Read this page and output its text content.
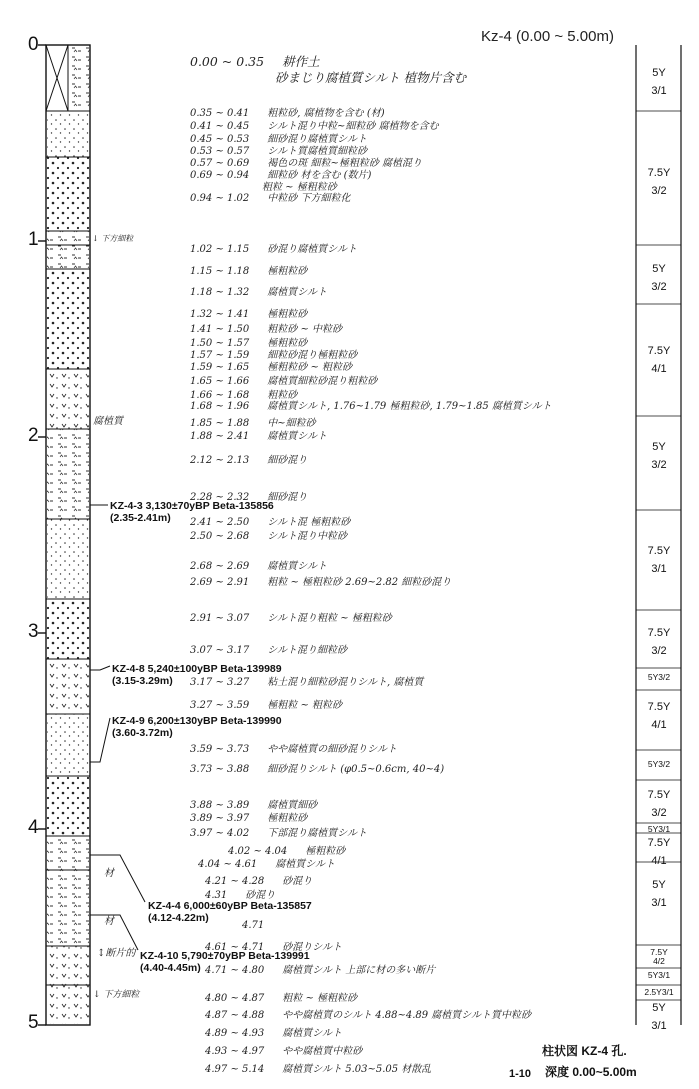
Kz-4 (0.00 ~ 5.00m)
0
1
2
3
4
5
↓ 下方細粒
腐植質
材
材
↕断片的
↓ 下方細粒
KZ-4-3 3,130±70yBP Beta-135856
(2.35-2.41m)
KZ-4-8 5,240±100yBP Beta-139989
(3.15-3.29m)
KZ-4-9 6,200±130yBP Beta-139990
(3.60-3.72m)
KZ-4-4 6,000±60yBP Beta-135857
(4.12-4.22m)
KZ-4-10 5,790±70yBP Beta-139991
(4.40-4.45m)
0.00 ~ 0.35 耕作土
砂まじり腐植質シルト 植物片含む
0.35 ~ 0.41 粗粒砂, 腐植物を含む (材)
0.41 ~ 0.45 シルト混り中粒~細粒砂 腐植物を含む
0.45 ~ 0.53 細砂混り腐植質シルト
0.53 ~ 0.57 シルト質腐植質細粒砂
0.57 ~ 0.69 褐色の斑 細粒~極粗粒砂 腐植混り
0.69 ~ 0.94 細粒砂 材を含む (数片)
粗粒 ~ 極粗粒砂
0.94 ~ 1.02 中粒砂 下方細粒化
1.02 ~ 1.15 砂混り腐植質シルト
1.15 ~ 1.18 極粗粒砂
1.18 ~ 1.32 腐植質シルト
1.32 ~ 1.41 極粗粒砂
1.41 ~ 1.50 粗粒砂 ~ 中粒砂
1.50 ~ 1.57 極粗粒砂
1.57 ~ 1.59 細粒砂混り極粗粒砂
1.59 ~ 1.65 極粗粒砂 ~ 粗粒砂
1.65 ~ 1.66 腐植質細粒砂混り粗粒砂
1.66 ~ 1.68 粗粒砂
1.68 ~ 1.96 腐植質シルト, 1.76~1.79 極粗粒砂, 1.79~1.85 腐植質シルト
1.85 ~ 1.88 中~細粒砂
1.88 ~ 2.41 腐植質シルト
2.12 ~ 2.13 細砂混り
2.28 ~ 2.32 細砂混り
2.41 ~ 2.50 シルト混 極粗粒砂
2.50 ~ 2.68 シルト混り中粒砂
2.68 ~ 2.69 腐植質シルト
2.69 ~ 2.91 粗粒 ~ 極粗粒砂 2.69~2.82 細粒砂混り
2.91 ~ 3.07 シルト混り粗粒 ~ 極粗粒砂
3.07 ~ 3.17 シルト混り細粒砂
3.17 ~ 3.27 粘土混り細粒砂混りシルト, 腐植質
3.27 ~ 3.59 極粗粒 ~ 粗粒砂
3.59 ~ 3.73 やや腐植質の細砂混りシルト
3.73 ~ 3.88 細砂混りシルト (φ0.5~0.6cm, 40~4)
3.88 ~ 3.89 腐植質細砂
3.89 ~ 3.97 極粗粒砂
3.97 ~ 4.02 下部混り腐植質シルト
4.02 ~ 4.04 極粗粒砂
4.04 ~ 4.61 腐植質シルト
4.21 ~ 4.28 砂混り
4.31 砂混り
4.71
4.61 ~ 4.71 砂混りシルト
4.71 ~ 4.80 腐植質シルト 上部に材の多い断片
4.80 ~ 4.87 粗粒 ~ 極粗粒砂
4.87 ~ 4.88 やや腐植質のシルト 4.88~4.89 腐植質シルト質中粒砂
4.89 ~ 4.93 腐植質シルト
4.93 ~ 4.97 やや腐植質中粒砂
4.97 ~ 5.14 腐植質シルト 5.03~5.05 材散乱
5Y
3/1
7.5Y
3/2
5Y
3/2
7.5Y
4/1
5Y
3/2
7.5Y
3/1
7.5Y
3/2
5Y3/2
7.5Y
4/1
5Y3/2
7.5Y
3/2
5Y3/1
7.5Y
4/1
5Y
3/1
7.5Y
4/2
5Y3/1
2.5Y3/1
5Y
3/1
柱状図 KZ-4 孔.
深度 0.00~5.00m
1-10
